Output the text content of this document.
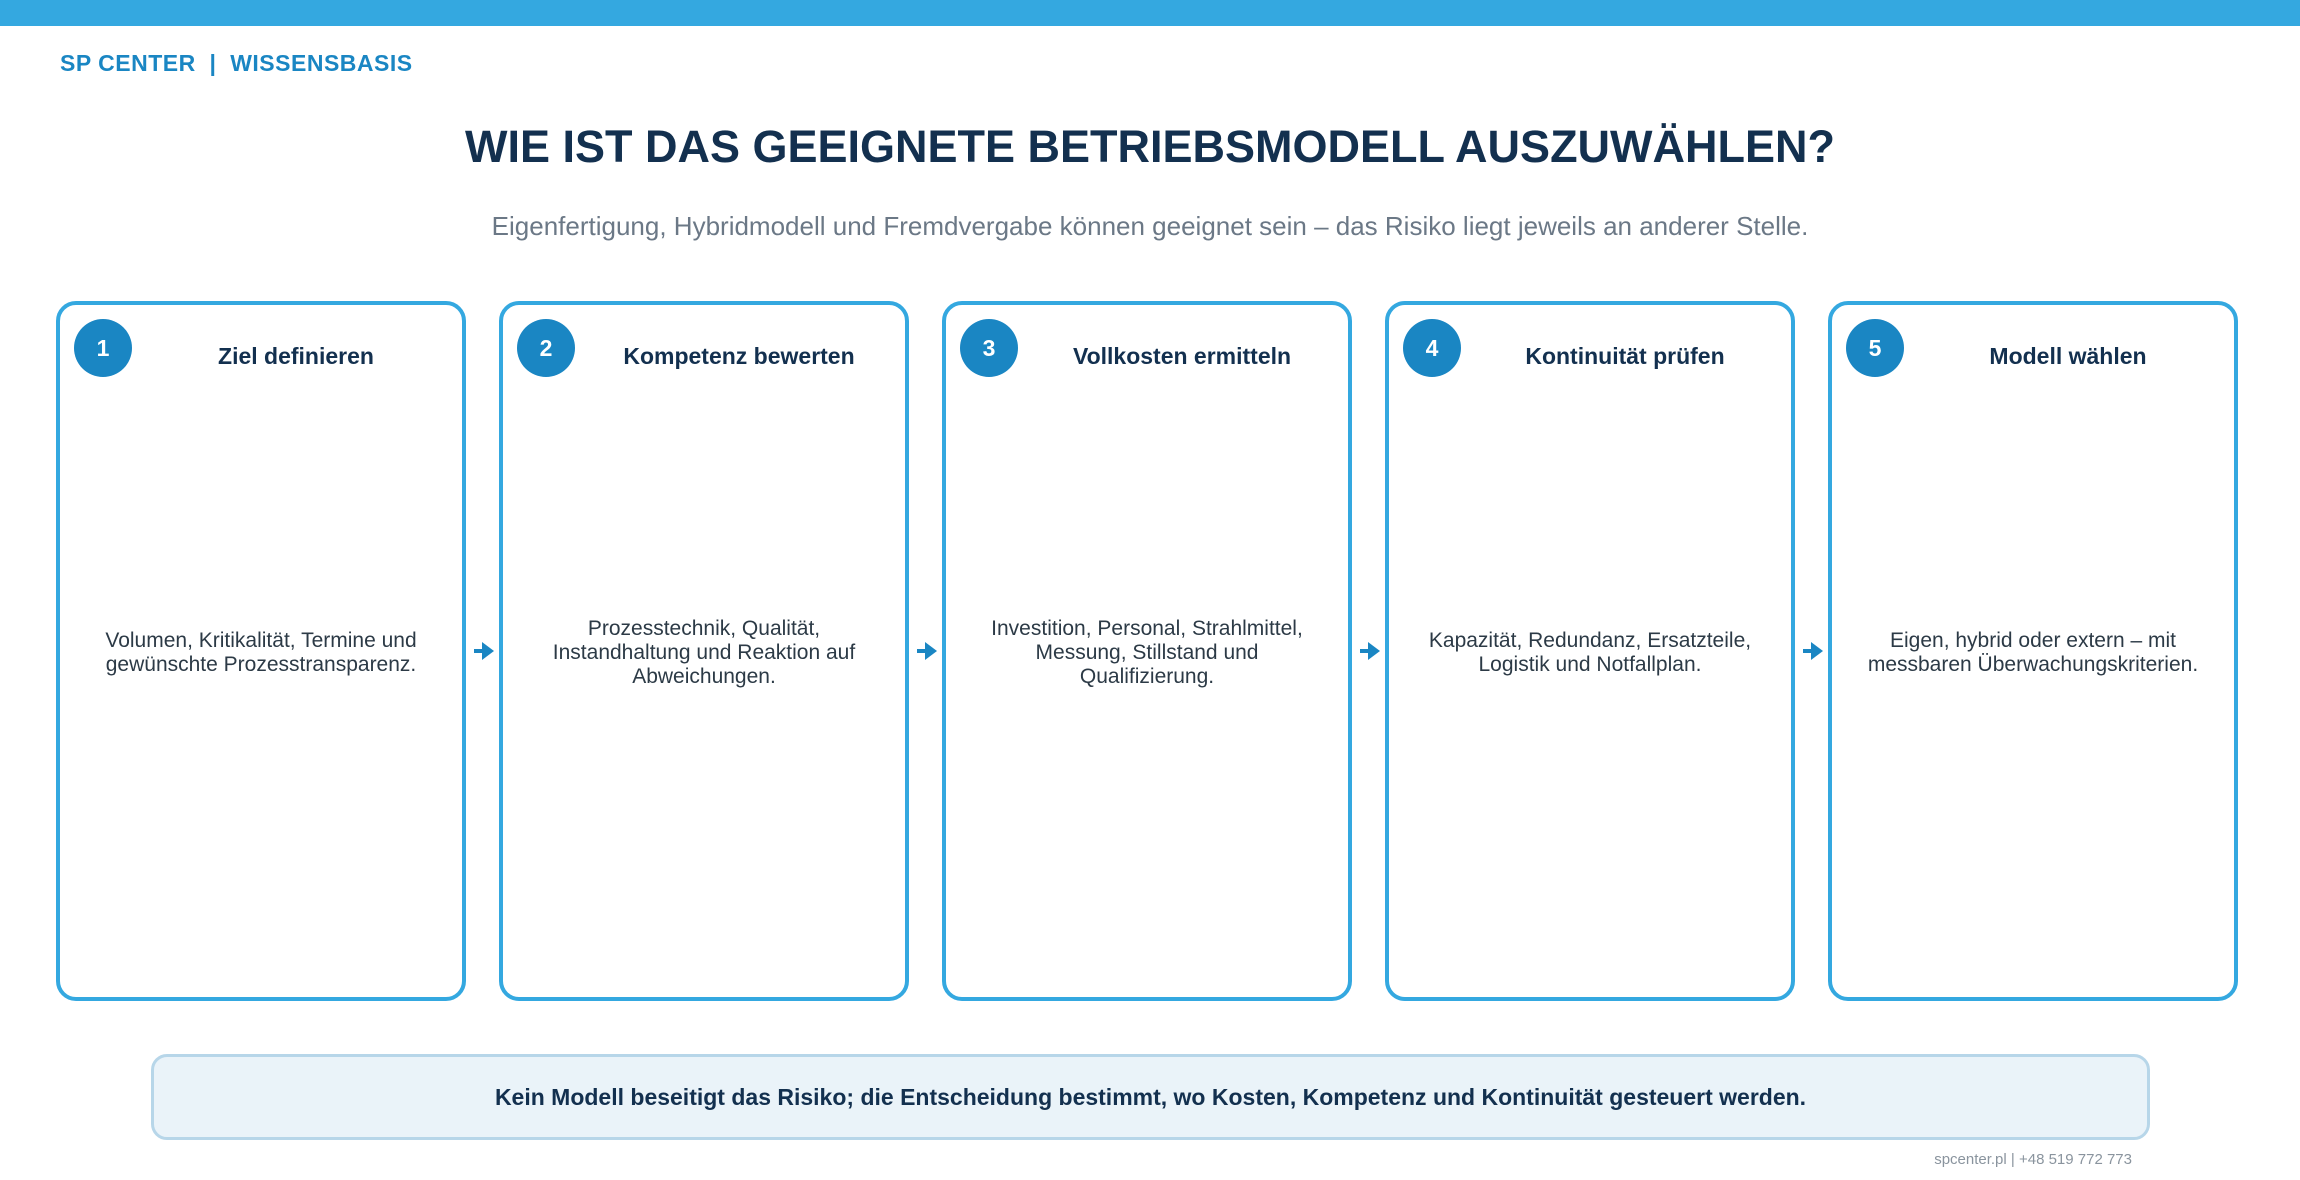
SP CENTER  |  WISSENSBASIS
WIE IST DAS GEEIGNETE BETRIEBSMODELL AUSZUWÄHLEN?
Eigenfertigung, Hybridmodell und Fremdvergabe können geeignet sein – das Risiko liegt jeweils an anderer Stelle.
1	Ziel definieren
Volumen, Kritikalität, Termine und gewünschte Prozesstransparenz.
2	Kompetenz bewerten
Prozesstechnik, Qualität, Instandhaltung und Reaktion auf Abweichungen.
3	Vollkosten ermitteln
Investition, Personal, Strahlmittel, Messung, Stillstand und Qualifizierung.
4	Kontinuität prüfen
Kapazität, Redundanz, Ersatzteile, Logistik und Notfallplan.
5	Modell wählen
Eigen, hybrid oder extern – mit messbaren Überwachungskriterien.
Kein Modell beseitigt das Risiko; die Entscheidung bestimmt, wo Kosten, Kompetenz und Kontinuität gesteuert werden.
spcenter.pl | +48 519 772 773
